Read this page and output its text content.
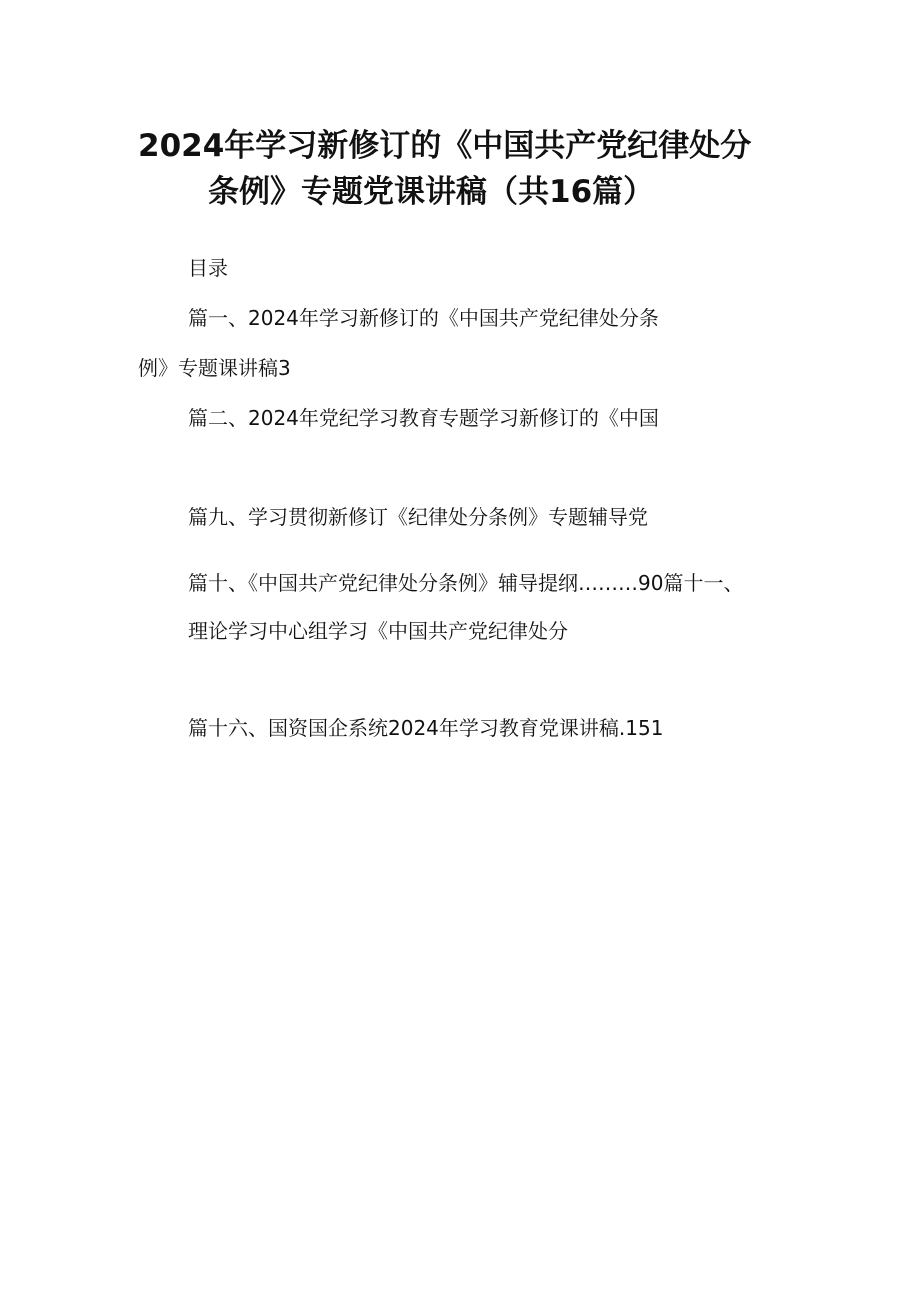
2024年学习新修订的《中国共产党纪律处分
条例》专题党课讲稿（共16篇）
目录
篇一、2024年学习新修订的《中国共产党纪律处分条
例》专题课讲稿3
篇二、2024年党纪学习教育专题学习新修订的《中国
篇九、学习贯彻新修订《纪律处分条例》专题辅导党
篇十、《中国共产党纪律处分条例》辅导提纲………90篇十一、
理论学习中心组学习《中国共产党纪律处分
篇十六、国资国企系统2024年学习教育党课讲稿.151
